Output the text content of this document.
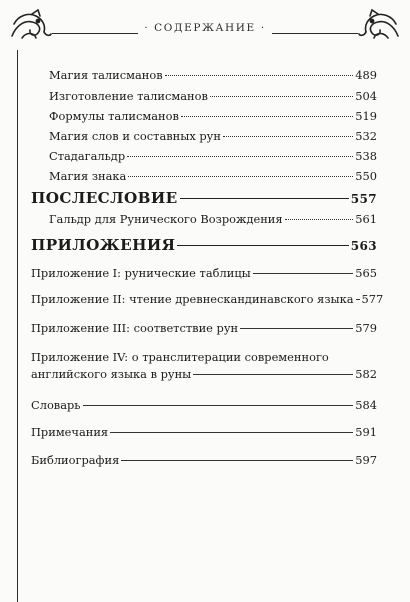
· СОДЕРЖАНИЕ ·
Магия талисманов	489
Изготовление талисманов	504
Формулы талисманов	519
Магия слов и составных рун	532
Стадагальдр	538
Магия знака	550
ПОСЛЕСЛОВИЕ	557
Гальдр для Рунического Возрождения	561
ПРИЛОЖЕНИЯ	563
Приложение I: рунические таблицы	565
Приложение II: чтение древнескандинавского языка 577
Приложение III: соответствие рун	579
Приложение IV: о транслитерации современного
английского языка в руны	582
Словарь	584
Примечания	591
Библиография	597
